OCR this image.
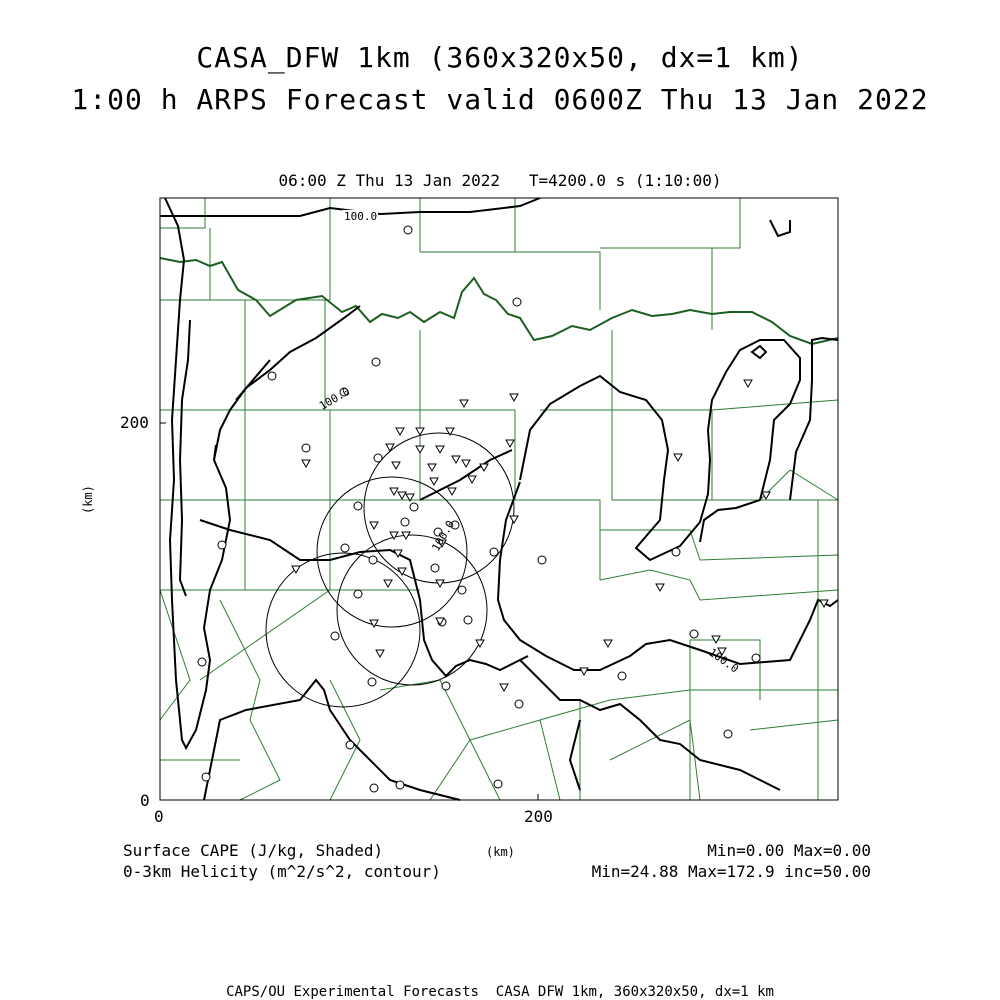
CASA_DFW 1km (360x320x50, dx=1 km)
1:00 h ARPS Forecast valid 0600Z Thu 13 Jan 2022
06:00 Z Thu 13 Jan 2022   T=4200.0 s (1:10:00)
100.0
100.0
100.0
100.0
200
0
0	200
(km)
(km)
Surface CAPE (J/kg, Shaded)
0-3km Helicity (m^2/s^2, contour)
Min=0.00 Max=0.00
Min=24.88 Max=172.9 inc=50.00
CAPS/OU Experimental Forecasts  CASA DFW 1km, 360x320x50, dx=1 km
